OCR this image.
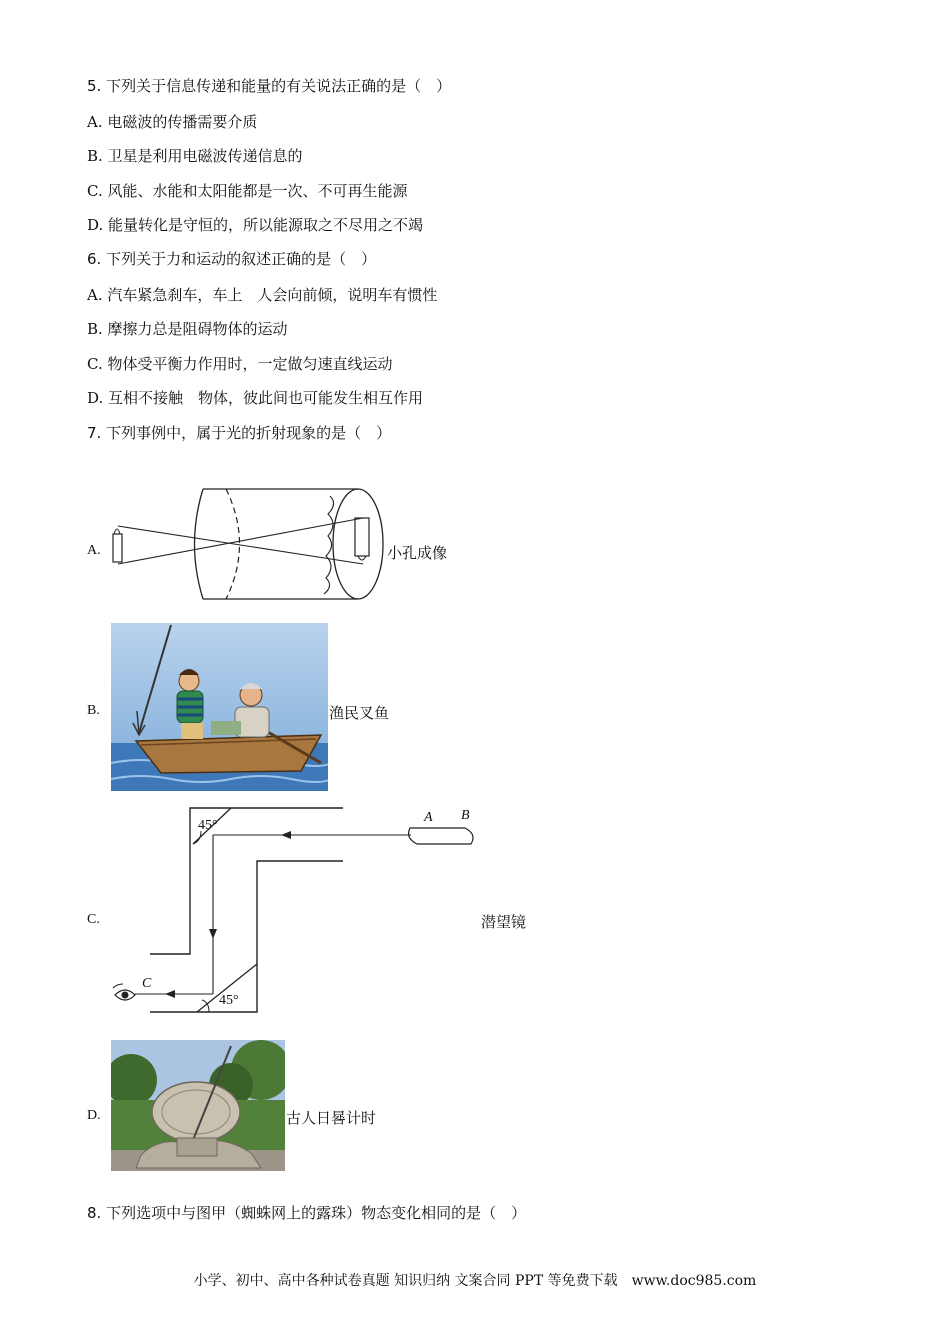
5. 下列关于信息传递和能量的有关说法正确的是（　）
A. 电磁波的传播需要介质
B. 卫星是利用电磁波传递信息的
C. 风能、水能和太阳能都是一次、不可再生能源
D. 能量转化是守恒的，所以能源取之不尽用之不竭
6. 下列关于力和运动的叙述正确的是（　）
A. 汽车紧急刹车，车上　人会向前倾，说明车有惯性
B. 摩擦力总是阻碍物体的运动
C. 物体受平衡力作用时，一定做匀速直线运动
D. 互相不接触　物体，彼此间也可能发生相互作用
7. 下列事例中，属于光的折射现象的是（　）
A.	小孔成像
B.	渔民叉鱼
C.
45°
45°
A B
C
潜望镜
D.	古人日晷计时
8. 下列选项中与图甲（蜘蛛网上的露珠）物态变化相同的是（　）
小学、初中、高中各种试卷真题 知识归纳 文案合同 PPT 等免费下载　www.doc985.com
